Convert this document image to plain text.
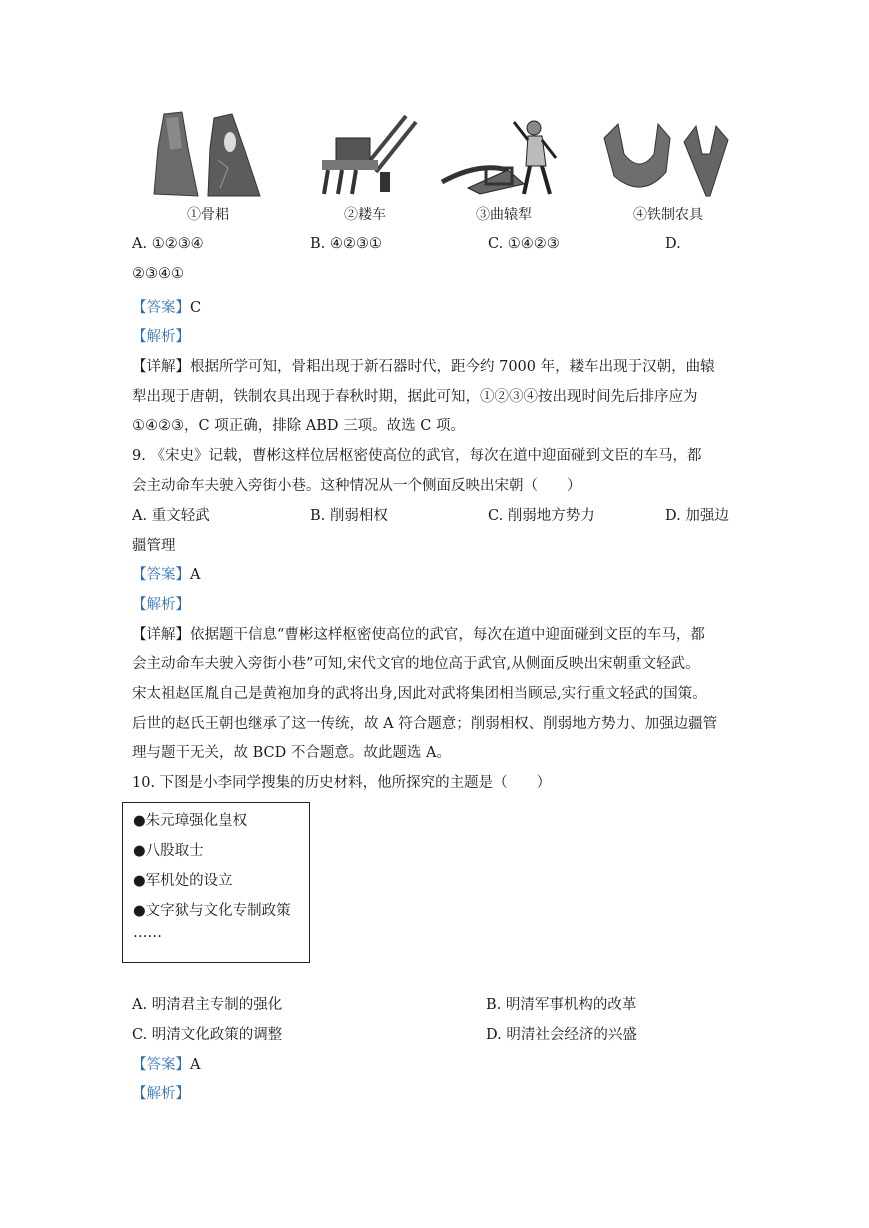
①骨耜	②耧车	③曲辕犁	④铁制农具
A. ①②③④	B. ④②③①	C. ①④②③	D.
②③④①
【答案】C
【解析】
【详解】根据所学可知，骨耜出现于新石器时代，距今约 7000 年，耧车出现于汉朝，曲辕
犁出现于唐朝，铁制农具出现于春秋时期，据此可知，①②③④按出现时间先后排序应为
①④②③，C 项正确，排除 ABD 三项。故选 C 项。
9. 《宋史》记载，曹彬这样位居枢密使高位的武官，每次在道中迎面碰到文臣的车马，都
会主动命车夫驶入旁街小巷。这种情况从一个侧面反映出宋朝（　　）
A. 重文轻武	B. 削弱相权	C. 削弱地方势力	D. 加强边
疆管理
【答案】A
【解析】
【详解】依据题干信息“曹彬这样枢密使高位的武官，每次在道中迎面碰到文臣的车马，都
会主动命车夫驶入旁街小巷”可知,宋代文官的地位高于武官,从侧面反映出宋朝重文轻武。
宋太祖赵匡胤自己是黄袍加身的武将出身,因此对武将集团相当顾忌,实行重文轻武的国策。
后世的赵氏王朝也继承了这一传统，故 A 符合题意；削弱相权、削弱地方势力、加强边疆管
理与题干无关，故 BCD 不合题意。故此题选 A。
10. 下图是小李同学搜集的历史材料，他所探究的主题是（　　）
●朱元璋强化皇权
●八股取士
●军机处的设立
●文字狱与文化专制政策
……
A. 明清君主专制的强化	B. 明清军事机构的改革
C. 明清文化政策的调整	D. 明清社会经济的兴盛
【答案】A
【解析】
